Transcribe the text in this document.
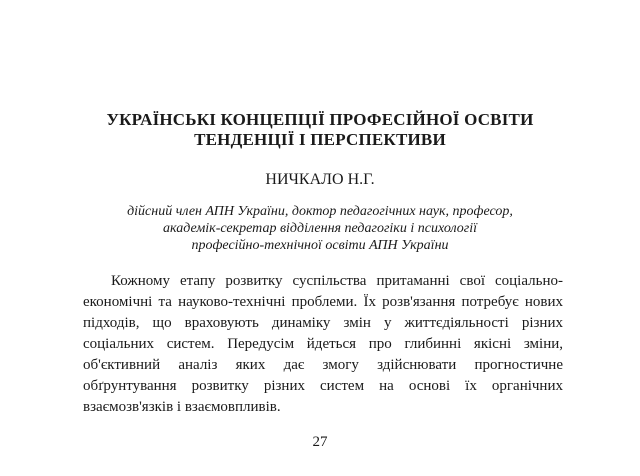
УКРАЇНСЬКІ КОНЦЕПЦІЇ ПРОФЕСІЙНОЇ ОСВІТИ
ТЕНДЕНЦІЇ І ПЕРСПЕКТИВИ

НИЧКАЛО Н.Г.

дійсний член АПН України, доктор педагогічних наук, професор,

академік-секретар відділення педагогіки і психології

професійно-технічної освіти АПН України

Кожному етапу розвитку суспільства притаманні свої соціально-економічні та науково-технічні проблеми. Їх розв'язання потребує нових підходів, що враховують динаміку змін у життєдіяльності різних соціальних систем. Передусім йдеться про глибинні якісні зміни, об'єктивний аналіз яких дає змогу здійснювати прогностичне обґрунтування розвитку різних систем на основі їх органічних взаємозв'язків і взаємовпливів.

27
